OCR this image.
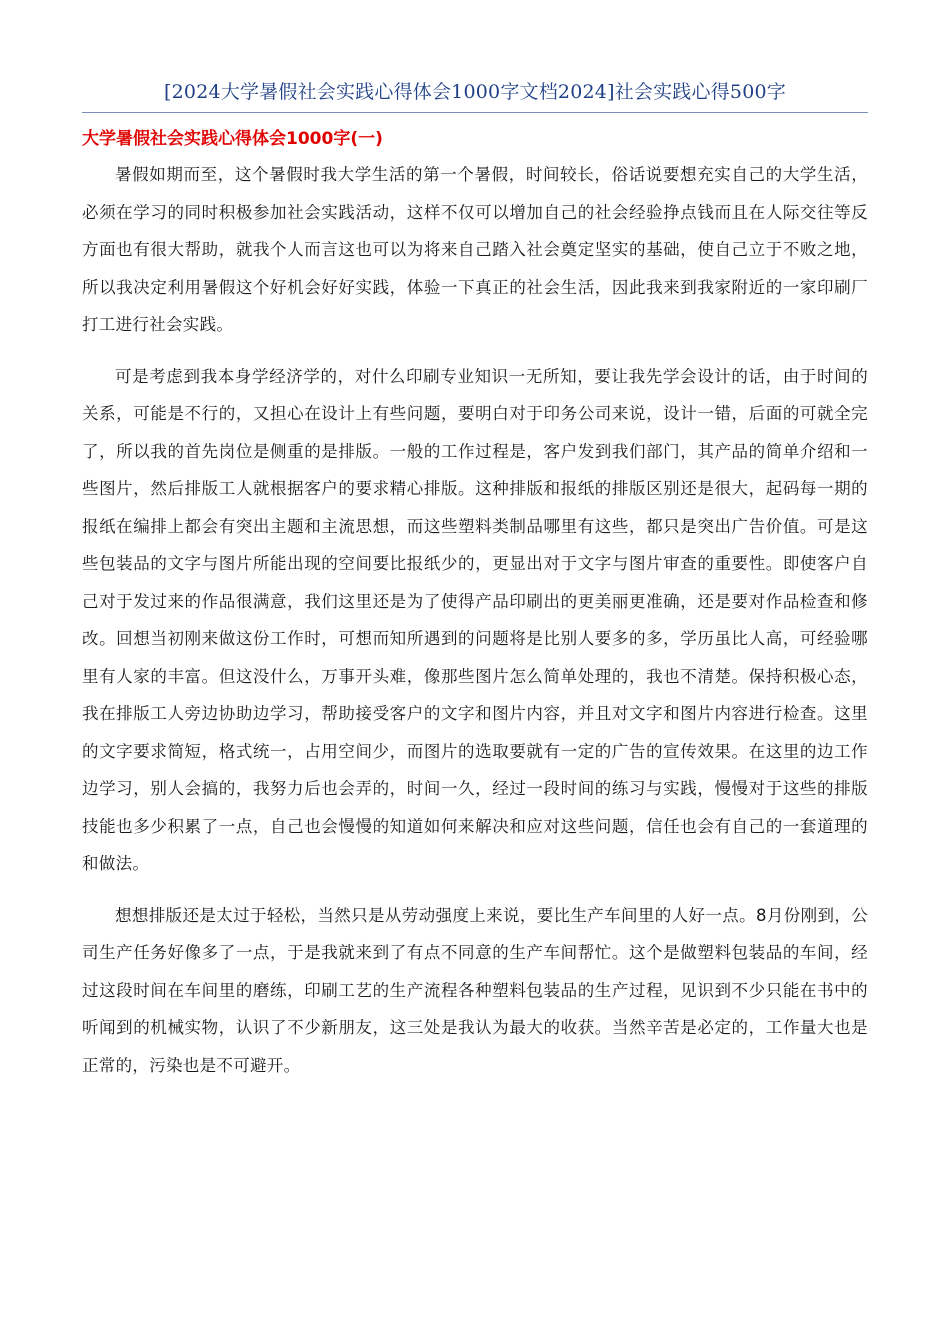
[2024大学暑假社会实践心得体会1000字文档2024]社会实践心得500字
大学暑假社会实践心得体会1000字(一)

暑假如期而至，这个暑假时我大学生活的第一个暑假，时间较长，俗话说要想充实自己的大学生活，必须在学习的同时积极参加社会实践活动，这样不仅可以增加自己的社会经验挣点钱而且在人际交往等反方面也有很大帮助，就我个人而言这也可以为将来自己踏入社会奠定坚实的基础，使自己立于不败之地，所以我决定利用暑假这个好机会好好实践，体验一下真正的社会生活，因此我来到我家附近的一家印刷厂打工进行社会实践。

可是考虑到我本身学经济学的，对什么印刷专业知识一无所知，要让我先学会设计的话，由于时间的关系，可能是不行的，又担心在设计上有些问题，要明白对于印务公司来说，设计一错，后面的可就全完了，所以我的首先岗位是侧重的是排版。一般的工作过程是，客户发到我们部门，其产品的简单介绍和一些图片，然后排版工人就根据客户的要求精心排版。这种排版和报纸的排版区别还是很大，起码每一期的报纸在编排上都会有突出主题和主流思想，而这些塑料类制品哪里有这些，都只是突出广告价值。可是这些包装品的文字与图片所能出现的空间要比报纸少的，更显出对于文字与图片审查的重要性。即使客户自己对于发过来的作品很满意，我们这里还是为了使得产品印刷出的更美丽更准确，还是要对作品检查和修改。回想当初刚来做这份工作时，可想而知所遇到的问题将是比别人要多的多，学历虽比人高，可经验哪里有人家的丰富。但这没什么，万事开头难，像那些图片怎么简单处理的，我也不清楚。保持积极心态，我在排版工人旁边协助边学习，帮助接受客户的文字和图片内容，并且对文字和图片内容进行检查。这里的文字要求简短，格式统一，占用空间少，而图片的选取要就有一定的广告的宣传效果。在这里的边工作边学习，别人会搞的，我努力后也会弄的，时间一久，经过一段时间的练习与实践，慢慢对于这些的排版技能也多少积累了一点，自己也会慢慢的知道如何来解决和应对这些问题，信任也会有自己的一套道理的和做法。

想想排版还是太过于轻松，当然只是从劳动强度上来说，要比生产车间里的人好一点。8月份刚到，公司生产任务好像多了一点，于是我就来到了有点不同意的生产车间帮忙。这个是做塑料包装品的车间，经过这段时间在车间里的磨练，印刷工艺的生产流程各种塑料包装品的生产过程，见识到不少只能在书中的听闻到的机械实物，认识了不少新朋友，这三处是我认为最大的收获。当然辛苦是必定的，工作量大也是正常的，污染也是不可避开。
